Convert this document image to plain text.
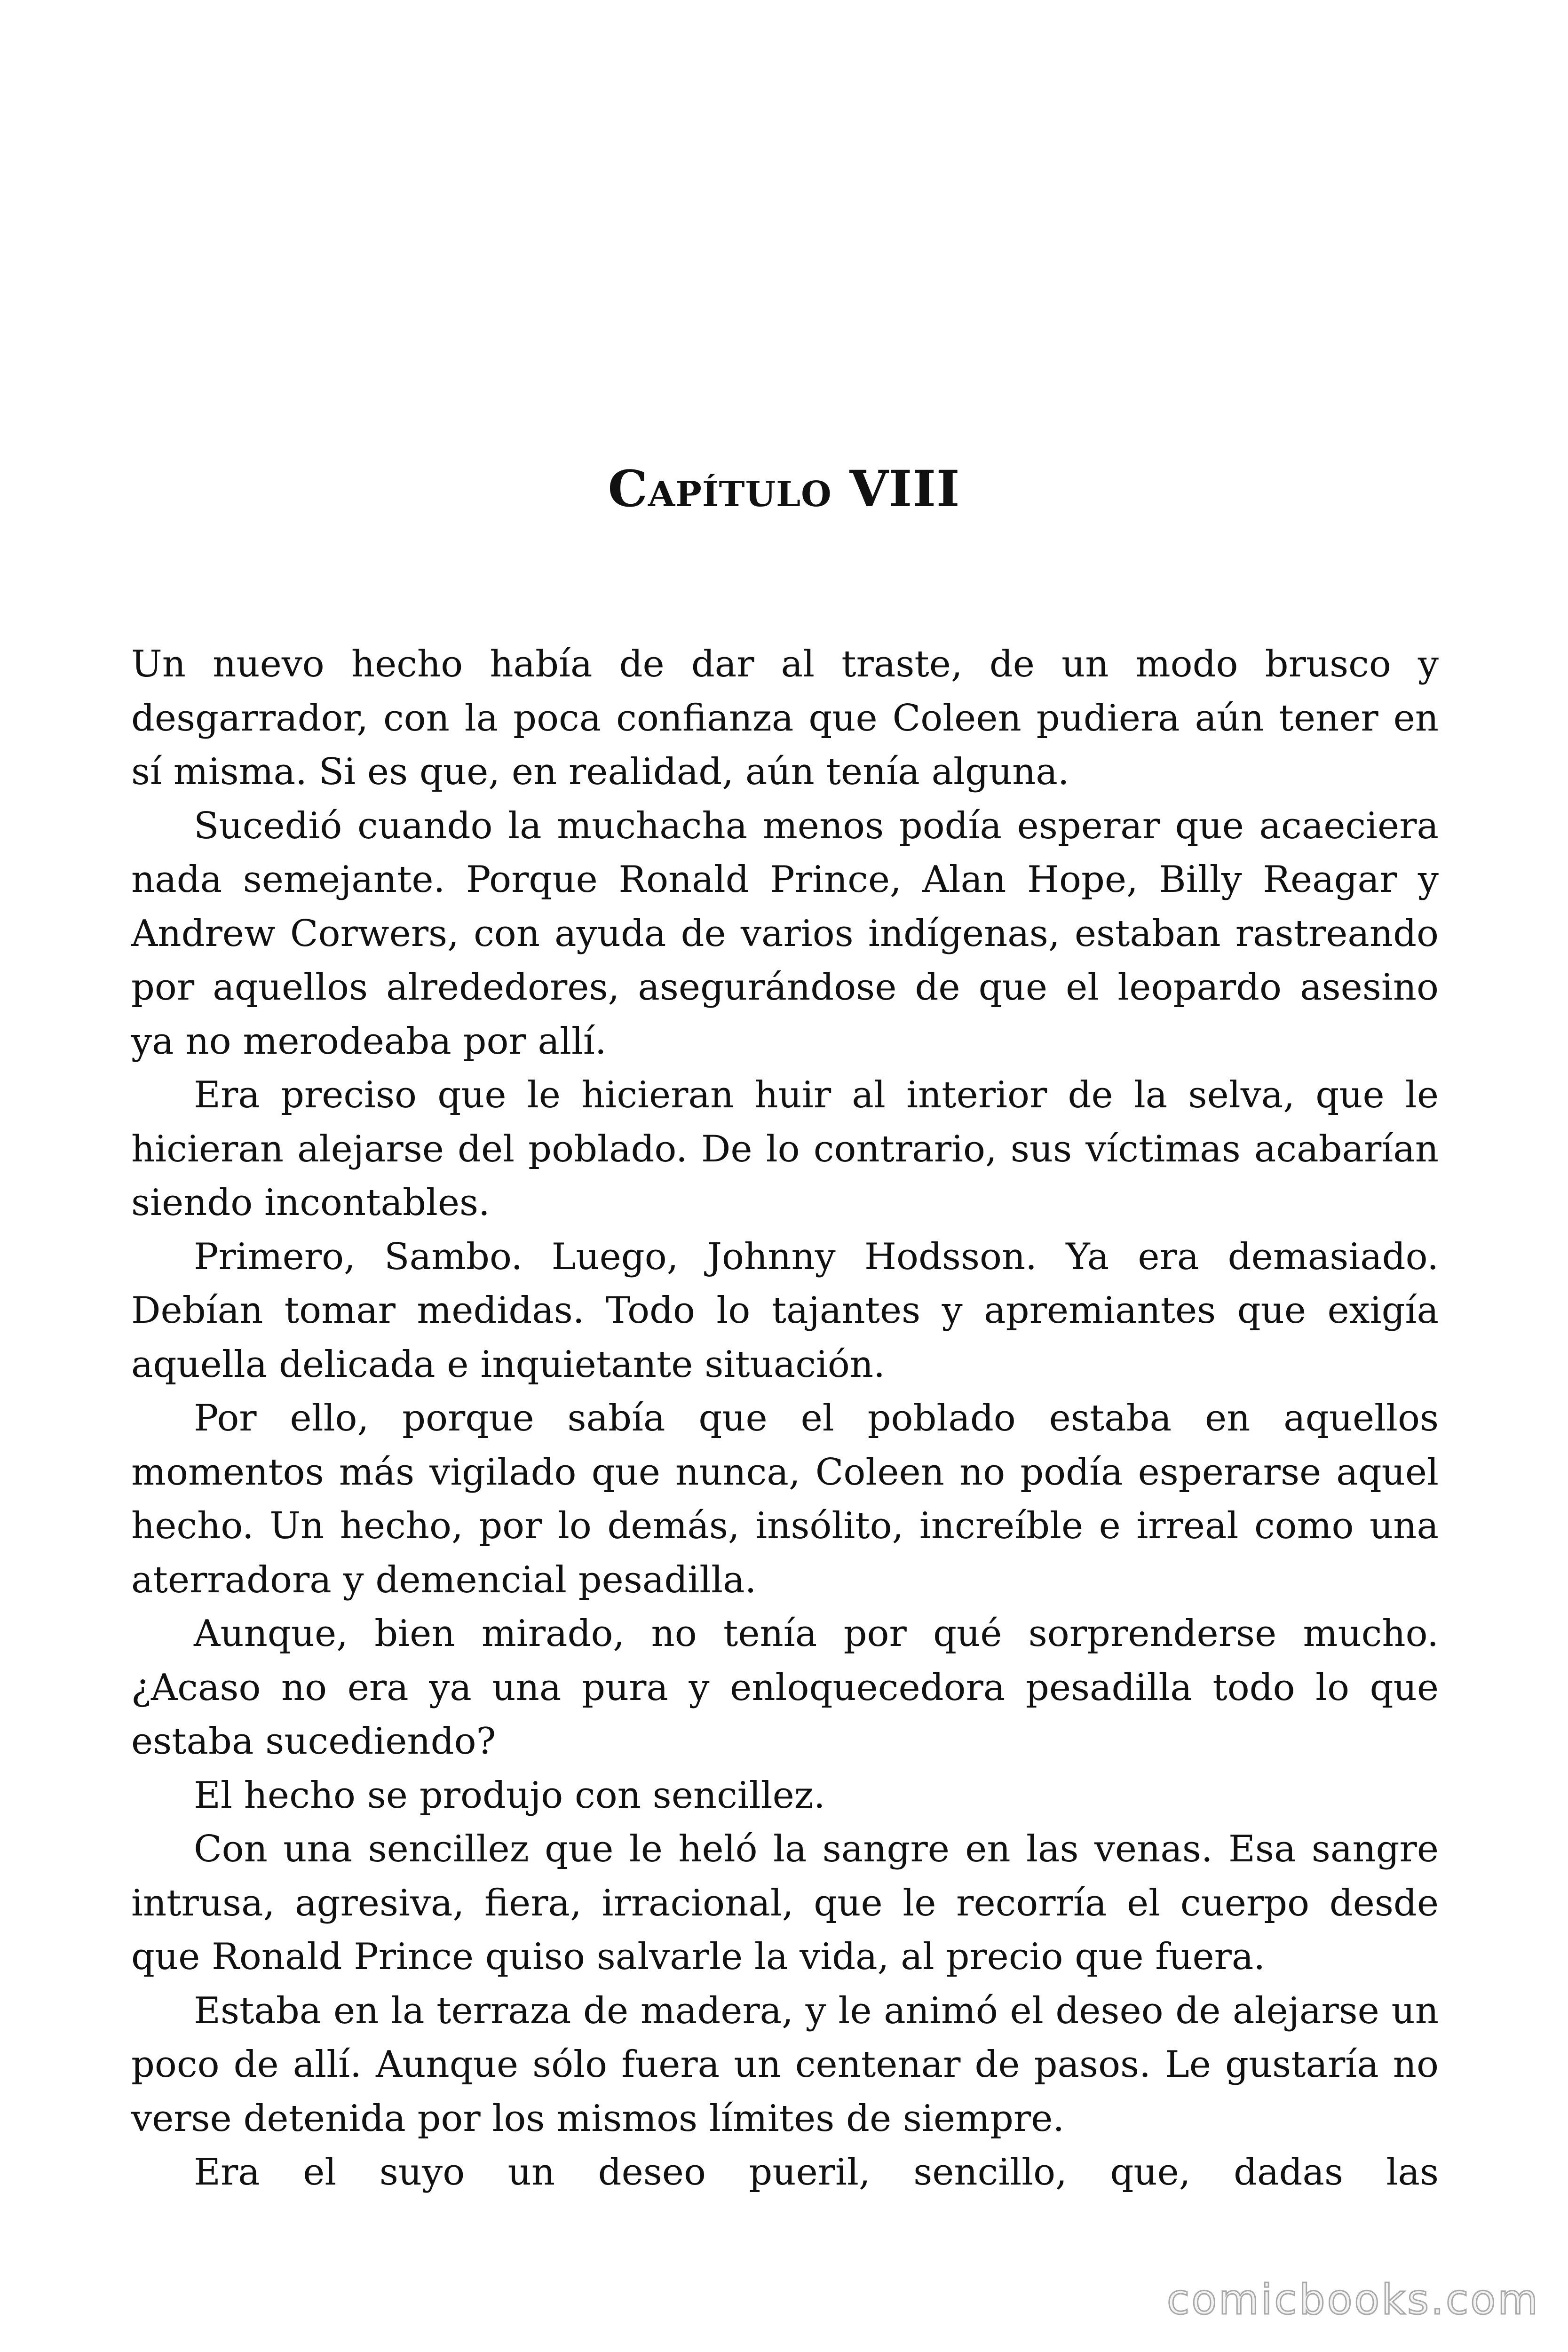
Capítulo VIII

Un nuevo hecho había de dar al traste, de un modo brusco y desgarrador, con la poca confianza que Coleen pudiera aún tener en sí misma. Si es que, en realidad, aún tenía alguna.

Sucedió cuando la muchacha menos podía esperar que acaeciera nada semejante. Porque Ronald Prince, Alan Hope, Billy Reagar y Andrew Corwers, con ayuda de varios indígenas, estaban rastreando por aquellos alrededores, asegurándose de que el leopardo asesino ya no merodeaba por allí.

Era preciso que le hicieran huir al interior de la selva, que le hicieran alejarse del poblado. De lo contrario, sus víctimas acabarían siendo incontables.

Primero, Sambo. Luego, Johnny Hodsson. Ya era demasiado. Debían tomar medidas. Todo lo tajantes y apremiantes que exigía aquella delicada e inquietante situación.

Por ello, porque sabía que el poblado estaba en aquellos momentos más vigilado que nunca, Coleen no podía esperarse aquel hecho. Un hecho, por lo demás, insólito, increíble e irreal como una aterradora y demencial pesadilla.

Aunque, bien mirado, no tenía por qué sorprenderse mucho. ¿Acaso no era ya una pura y enloquecedora pesadilla todo lo que estaba sucediendo?

El hecho se produjo con sencillez.

Con una sencillez que le heló la sangre en las venas. Esa sangre intrusa, agresiva, fiera, irracional, que le recorría el cuerpo desde que Ronald Prince quiso salvarle la vida, al precio que fuera.

Estaba en la terraza de madera, y le animó el deseo de alejarse un poco de allí. Aunque sólo fuera un centenar de pasos. Le gustaría no verse detenida por los mismos límites de siempre.

Era el suyo un deseo pueril, sencillo, que, dadas las

comicbooks.com
